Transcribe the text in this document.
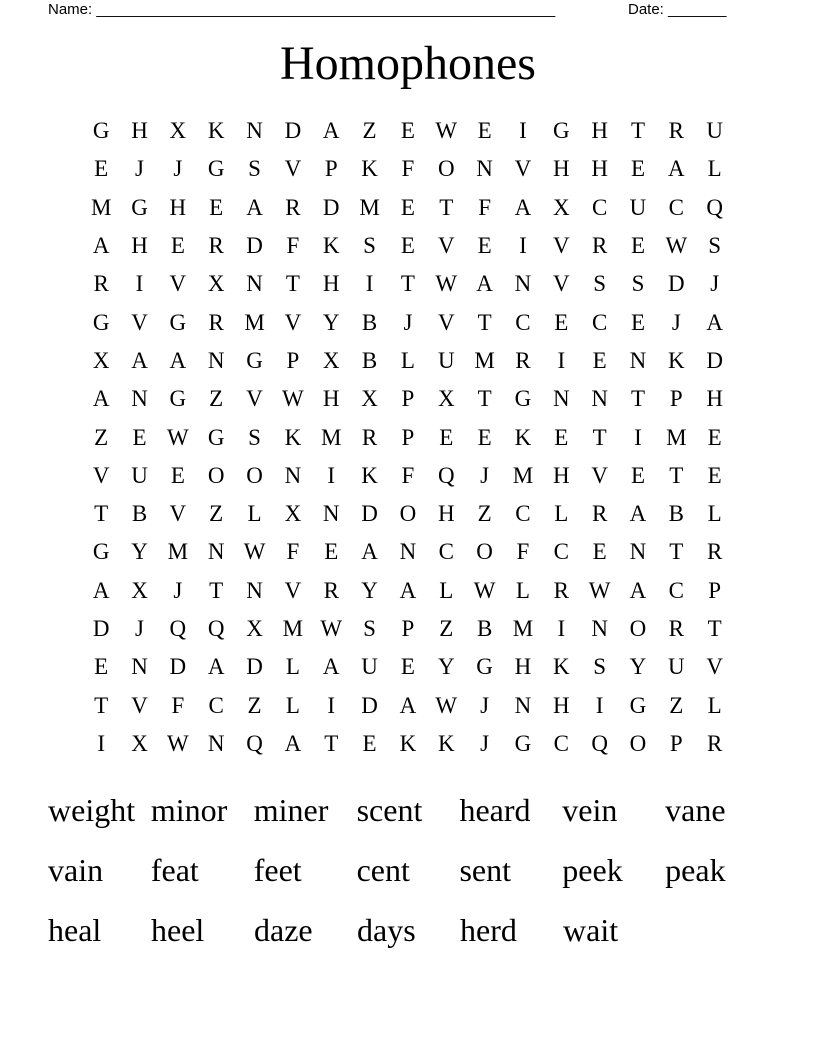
Name: _______________________________________________________	Date: _______
Homophones
G H X K N D A	Z	E W E	I	G H	T	R U
E	J	J	G	S	V	P	K	F	O N V H H	E	A	L
M G H	E	A R D M E	T	F	A X C U C Q
A H	E	R D	F	K	S	E	V	E	I	V R	E W S
R	I	V X N	T	H	I	T W A N V	S	S	D	J
G V G R M V Y B	J	V	T	C	E	C	E	J	A
X A A N G	P	X B	L	U M R	I	E	N K D
A N G	Z	V W H X	P	X	T	G N N	T	P	H
Z	E W G	S	K M R	P	E	E	K	E	T	I	M E
V U	E	O O N	I	K	F	Q	J	M H V	E	T	E
T	B V	Z	L	X N D O H	Z	C	L	R A B	L
G Y M N W F	E	A N C O	F	C	E	N	T	R
A X	J	T	N V R Y A	L W L	R W A C	P
D	J	Q Q X M W S	P	Z	B M	I	N O R	T
E	N D A D	L	A U	E	Y G H K	S	Y U V
T	V	F	C	Z	L	I	D A W	J	N H	I	G	Z	L
I	X W N Q A	T	E	K K	J	G C Q O	P	R
weight minor miner scent	heard vein	vane
vain	feat	feet	cent	sent	peek	peak
heal	heel	daze	days	herd	wait
